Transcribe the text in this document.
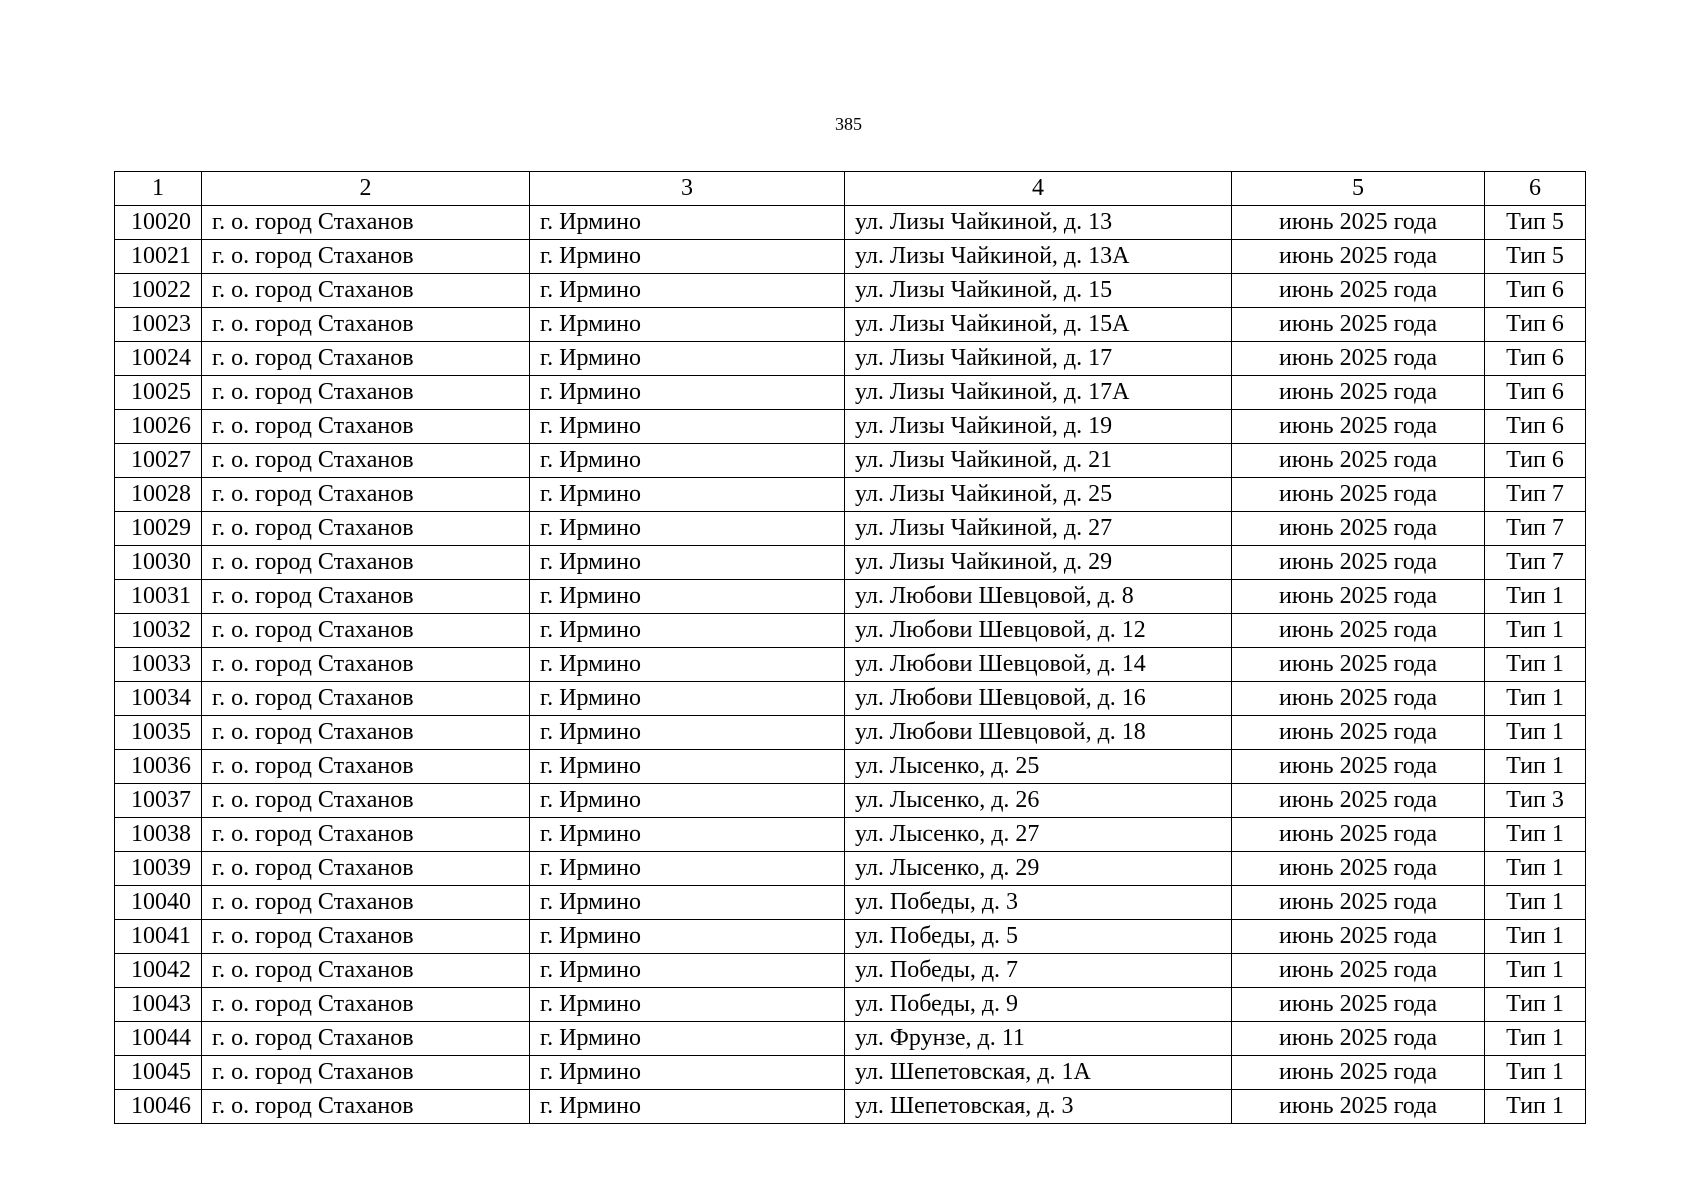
385
1	2	3	4	5	6
10020	г. о. город Стаханов	г. Ирмино	ул. Лизы Чайкиной, д. 13	июнь 2025 года	Тип 5
10021	г. о. город Стаханов	г. Ирмино	ул. Лизы Чайкиной, д. 13А	июнь 2025 года	Тип 5
10022	г. о. город Стаханов	г. Ирмино	ул. Лизы Чайкиной, д. 15	июнь 2025 года	Тип 6
10023	г. о. город Стаханов	г. Ирмино	ул. Лизы Чайкиной, д. 15А	июнь 2025 года	Тип 6
10024	г. о. город Стаханов	г. Ирмино	ул. Лизы Чайкиной, д. 17	июнь 2025 года	Тип 6
10025	г. о. город Стаханов	г. Ирмино	ул. Лизы Чайкиной, д. 17А	июнь 2025 года	Тип 6
10026	г. о. город Стаханов	г. Ирмино	ул. Лизы Чайкиной, д. 19	июнь 2025 года	Тип 6
10027	г. о. город Стаханов	г. Ирмино	ул. Лизы Чайкиной, д. 21	июнь 2025 года	Тип 6
10028	г. о. город Стаханов	г. Ирмино	ул. Лизы Чайкиной, д. 25	июнь 2025 года	Тип 7
10029	г. о. город Стаханов	г. Ирмино	ул. Лизы Чайкиной, д. 27	июнь 2025 года	Тип 7
10030	г. о. город Стаханов	г. Ирмино	ул. Лизы Чайкиной, д. 29	июнь 2025 года	Тип 7
10031	г. о. город Стаханов	г. Ирмино	ул. Любови Шевцовой, д. 8	июнь 2025 года	Тип 1
10032	г. о. город Стаханов	г. Ирмино	ул. Любови Шевцовой, д. 12	июнь 2025 года	Тип 1
10033	г. о. город Стаханов	г. Ирмино	ул. Любови Шевцовой, д. 14	июнь 2025 года	Тип 1
10034	г. о. город Стаханов	г. Ирмино	ул. Любови Шевцовой, д. 16	июнь 2025 года	Тип 1
10035	г. о. город Стаханов	г. Ирмино	ул. Любови Шевцовой, д. 18	июнь 2025 года	Тип 1
10036	г. о. город Стаханов	г. Ирмино	ул. Лысенко, д. 25	июнь 2025 года	Тип 1
10037	г. о. город Стаханов	г. Ирмино	ул. Лысенко, д. 26	июнь 2025 года	Тип 3
10038	г. о. город Стаханов	г. Ирмино	ул. Лысенко, д. 27	июнь 2025 года	Тип 1
10039	г. о. город Стаханов	г. Ирмино	ул. Лысенко, д. 29	июнь 2025 года	Тип 1
10040	г. о. город Стаханов	г. Ирмино	ул. Победы, д. 3	июнь 2025 года	Тип 1
10041	г. о. город Стаханов	г. Ирмино	ул. Победы, д. 5	июнь 2025 года	Тип 1
10042	г. о. город Стаханов	г. Ирмино	ул. Победы, д. 7	июнь 2025 года	Тип 1
10043	г. о. город Стаханов	г. Ирмино	ул. Победы, д. 9	июнь 2025 года	Тип 1
10044	г. о. город Стаханов	г. Ирмино	ул. Фрунзе, д. 11	июнь 2025 года	Тип 1
10045	г. о. город Стаханов	г. Ирмино	ул. Шепетовская, д. 1А	июнь 2025 года	Тип 1
10046	г. о. город Стаханов	г. Ирмино	ул. Шепетовская, д. 3	июнь 2025 года	Тип 1
